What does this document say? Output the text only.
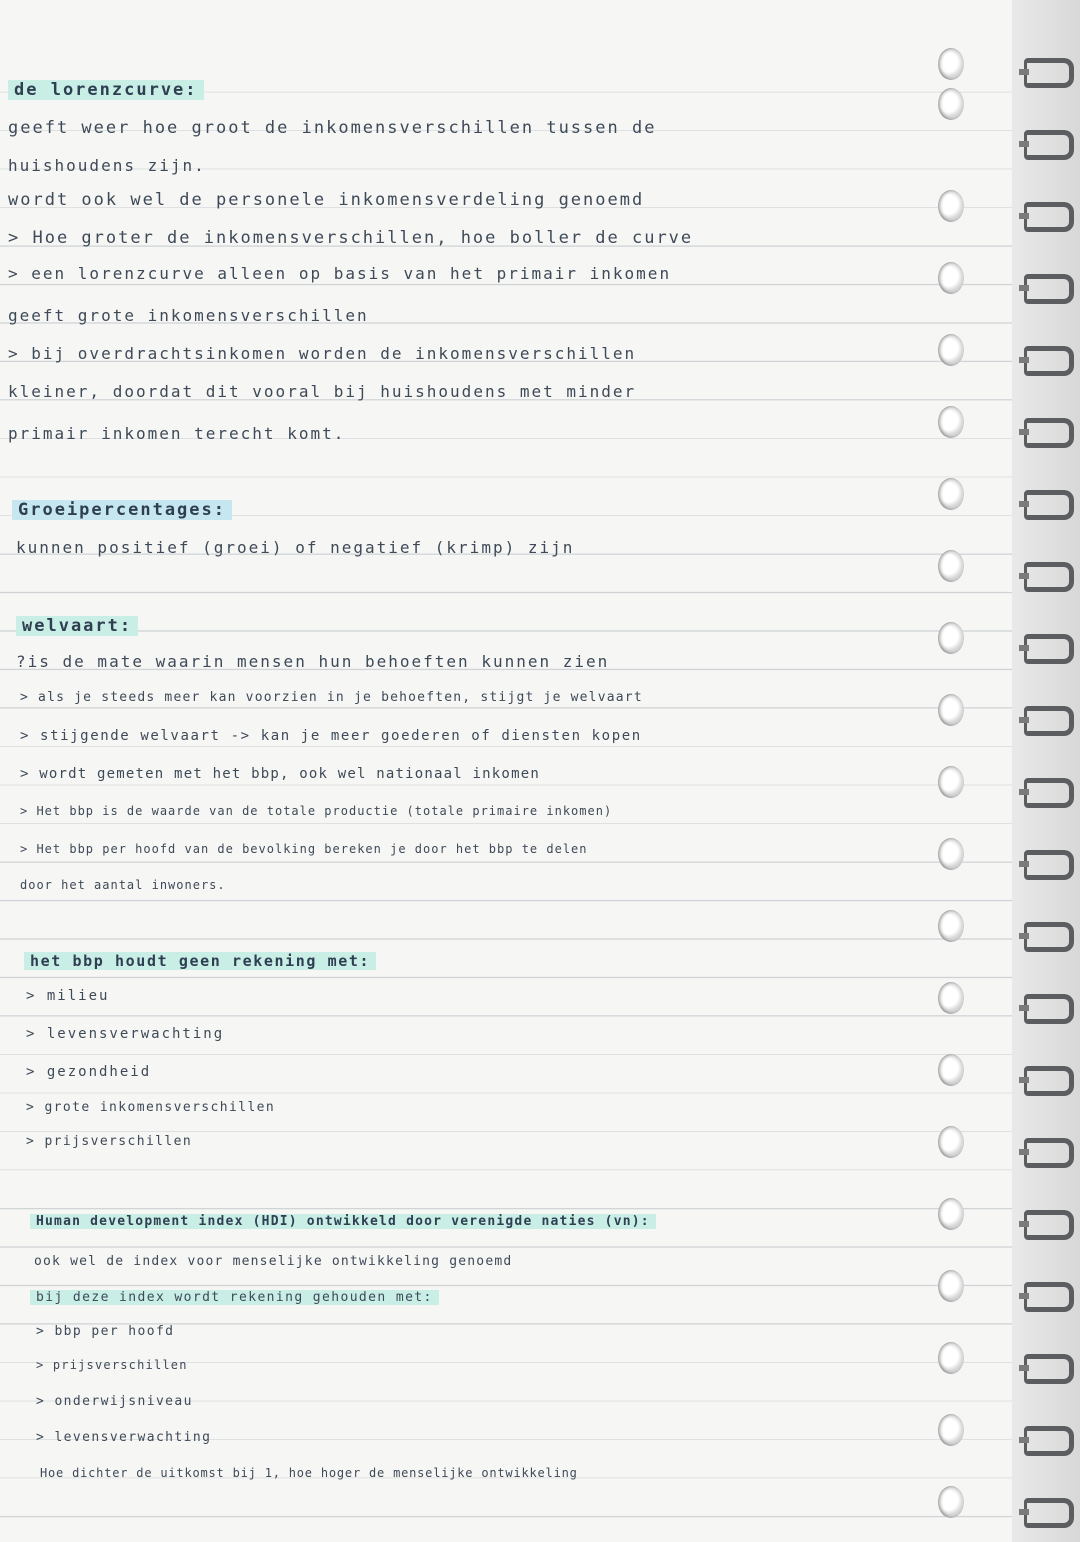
de lorenzcurve:
geeft weer hoe groot de inkomensverschillen tussen de
huishoudens zijn.
wordt ook wel de personele inkomensverdeling genoemd
> Hoe groter de inkomensverschillen, hoe boller de curve
> een lorenzcurve alleen op basis van het primair inkomen
geeft grote inkomensverschillen
> bij overdrachtsinkomen worden de inkomensverschillen
kleiner, doordat dit vooral bij huishoudens met minder
primair inkomen terecht komt.
Groeipercentages:
kunnen positief (groei) of negatief (krimp) zijn
welvaart:
?is de mate waarin mensen hun behoeften kunnen zien
> als je steeds meer kan voorzien in je behoeften, stijgt je welvaart
> stijgende welvaart -> kan je meer goederen of diensten kopen
> wordt gemeten met het bbp, ook wel nationaal inkomen
> Het bbp is de waarde van de totale productie (totale primaire inkomen)
> Het bbp per hoofd van de bevolking bereken je door het bbp te delen
door het aantal inwoners.
het bbp houdt geen rekening met:
> milieu
> levensverwachting
> gezondheid
> grote inkomensverschillen
> prijsverschillen
Human development index (HDI) ontwikkeld door verenigde naties (vn):
ook wel de index voor menselijke ontwikkeling genoemd
bij deze index wordt rekening gehouden met:
> bbp per hoofd
> prijsverschillen
> onderwijsniveau
> levensverwachting
Hoe dichter de uitkomst bij 1, hoe hoger de menselijke ontwikkeling
